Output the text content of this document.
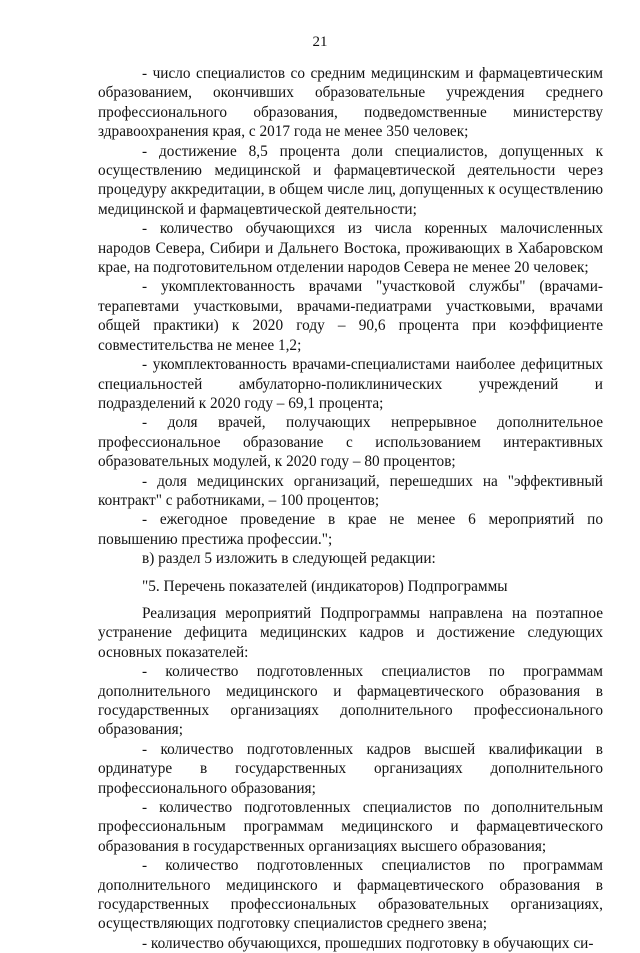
21

- число специалистов со средним медицинским и фармацевтическим образованием, окончивших образовательные учреждения среднего профессионального образования, подведомственные министерству здравоохранения края, с 2017 года не менее 350 человек;

- достижение 8,5 процента доли специалистов, допущенных к осуществлению медицинской и фармацевтической деятельности через процедуру аккредитации, в общем числе лиц, допущенных к осуществлению медицинской и фармацевтической деятельности;

- количество обучающихся из числа коренных малочисленных народов Севера, Сибири и Дальнего Востока, проживающих в Хабаровском крае, на подготовительном отделении народов Севера не менее 20 человек;

- укомплектованность врачами "участковой службы" (врачами-терапевтами участковыми, врачами-педиатрами участковыми, врачами общей практики) к 2020 году – 90,6 процента при коэффициенте совместительства не менее 1,2;

- укомплектованность врачами-специалистами наиболее дефицитных специальностей амбулаторно-поликлинических учреждений и подразделений к 2020 году – 69,1 процента;

- доля врачей, получающих непрерывное дополнительное профессиональное образование с использованием интерактивных образовательных модулей, к 2020 году – 80 процентов;

- доля медицинских организаций, перешедших на "эффективный контракт" с работниками, – 100 процентов;

- ежегодное проведение в крае не менее 6 мероприятий по повышению престижа профессии.";

в) раздел 5 изложить в следующей редакции:

"5. Перечень показателей (индикаторов) Подпрограммы

Реализация мероприятий Подпрограммы направлена на поэтапное устранение дефицита медицинских кадров и достижение следующих основных показателей:

- количество подготовленных специалистов по программам дополнительного медицинского и фармацевтического образования в государственных организациях дополнительного профессионального образования;

- количество подготовленных кадров высшей квалификации в ординатуре в государственных организациях дополнительного профессионального образования;

- количество подготовленных специалистов по дополнительным профессиональным программам медицинского и фармацевтического образования в государственных организациях высшего образования;

- количество подготовленных специалистов по программам дополнительного медицинского и фармацевтического образования в государственных профессиональных образовательных организациях, осуществляющих подготовку специалистов среднего звена;

- количество обучающихся, прошедших подготовку в обучающих си-
